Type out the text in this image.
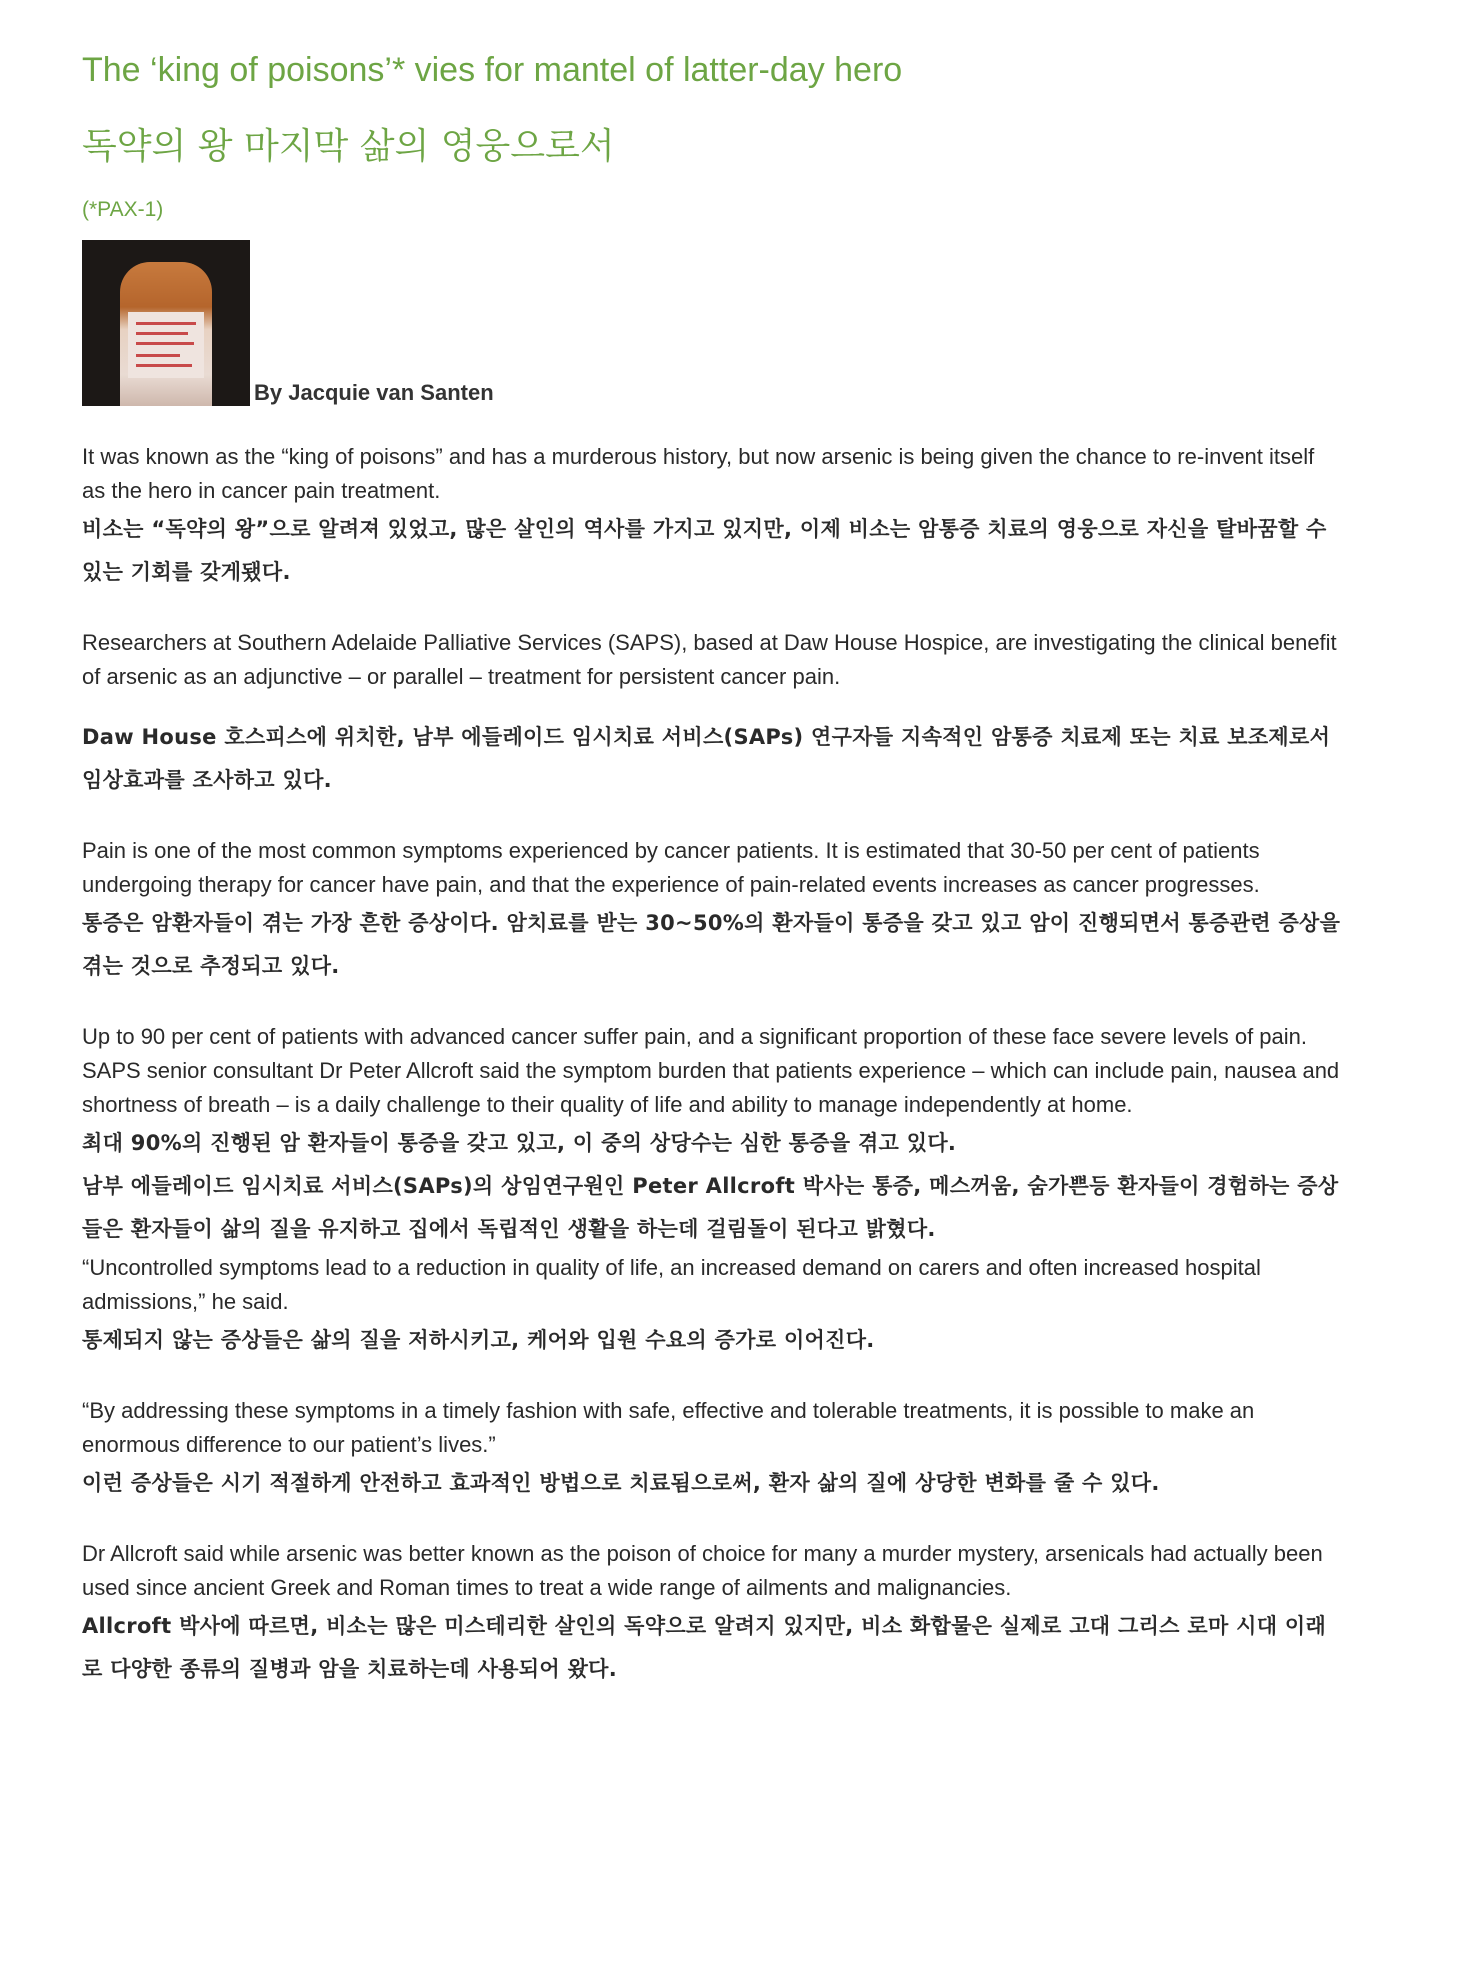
The ‘king of poisons’* vies for mantel of latter-day hero
독약의 왕 마지막 삶의 영웅으로서
(*PAX-1)
By Jacquie van Santen

It was known as the “king of poisons” and has a murderous history, but now arsenic is being given the chance to re-invent itself as the hero in cancer pain treatment.

비소는 “독약의 왕”으로 알려져 있었고, 많은 살인의 역사를 가지고 있지만, 이제 비소는 암통증 치료의 영웅으로 자신을 탈바꿈할 수 있는 기회를 갖게됐다.

Researchers at Southern Adelaide Palliative Services (SAPS), based at Daw House Hospice, are investigating the clinical benefit of arsenic as an adjunctive – or parallel – treatment for persistent cancer pain.

Daw House 호스피스에 위치한, 남부 에들레이드 임시치료 서비스(SAPs) 연구자들 지속적인 암통증 치료제 또는 치료 보조제로서 임상효과를 조사하고 있다.

Pain is one of the most common symptoms experienced by cancer patients. It is estimated that 30-50 per cent of patients undergoing therapy for cancer have pain, and that the experience of pain-related events increases as cancer progresses.

통증은 암환자들이 겪는 가장 흔한 증상이다. 암치료를 받는 30~50%의 환자들이 통증을 갖고 있고 암이 진행되면서 통증관련 증상을 겪는 것으로 추정되고 있다.

Up to 90 per cent of patients with advanced cancer suffer pain, and a significant proportion of these face severe levels of pain.

SAPS senior consultant Dr Peter Allcroft said the symptom burden that patients experience – which can include pain, nausea and shortness of breath – is a daily challenge to their quality of life and ability to manage independently at home.

최대 90%의 진행된 암 환자들이 통증을 갖고 있고, 이 중의 상당수는 심한 통증을 겪고 있다.

남부 에들레이드 임시치료 서비스(SAPs)의 상임연구원인 Peter Allcroft 박사는 통증, 메스꺼움, 숨가쁜등 환자들이 경험하는 증상들은 환자들이 삶의 질을 유지하고 집에서 독립적인 생활을 하는데 걸림돌이 된다고 밝혔다.

“Uncontrolled symptoms lead to a reduction in quality of life, an increased demand on carers and often increased hospital admissions,” he said.

통제되지 않는 증상들은 삶의 질을 저하시키고, 케어와 입원 수요의 증가로 이어진다.

“By addressing these symptoms in a timely fashion with safe, effective and tolerable treatments, it is possible to make an enormous difference to our patient’s lives.”

이런 증상들은 시기 적절하게 안전하고 효과적인 방법으로 치료됨으로써, 환자 삶의 질에 상당한 변화를 줄 수 있다.

Dr Allcroft said while arsenic was better known as the poison of choice for many a murder mystery, arsenicals had actually been used since ancient Greek and Roman times to treat a wide range of ailments and malignancies.

Allcroft 박사에 따르면, 비소는 많은 미스테리한 살인의 독약으로 알려지 있지만, 비소 화합물은 실제로 고대 그리스 로마 시대 이래로 다양한 종류의 질병과 암을 치료하는데 사용되어 왔다.
